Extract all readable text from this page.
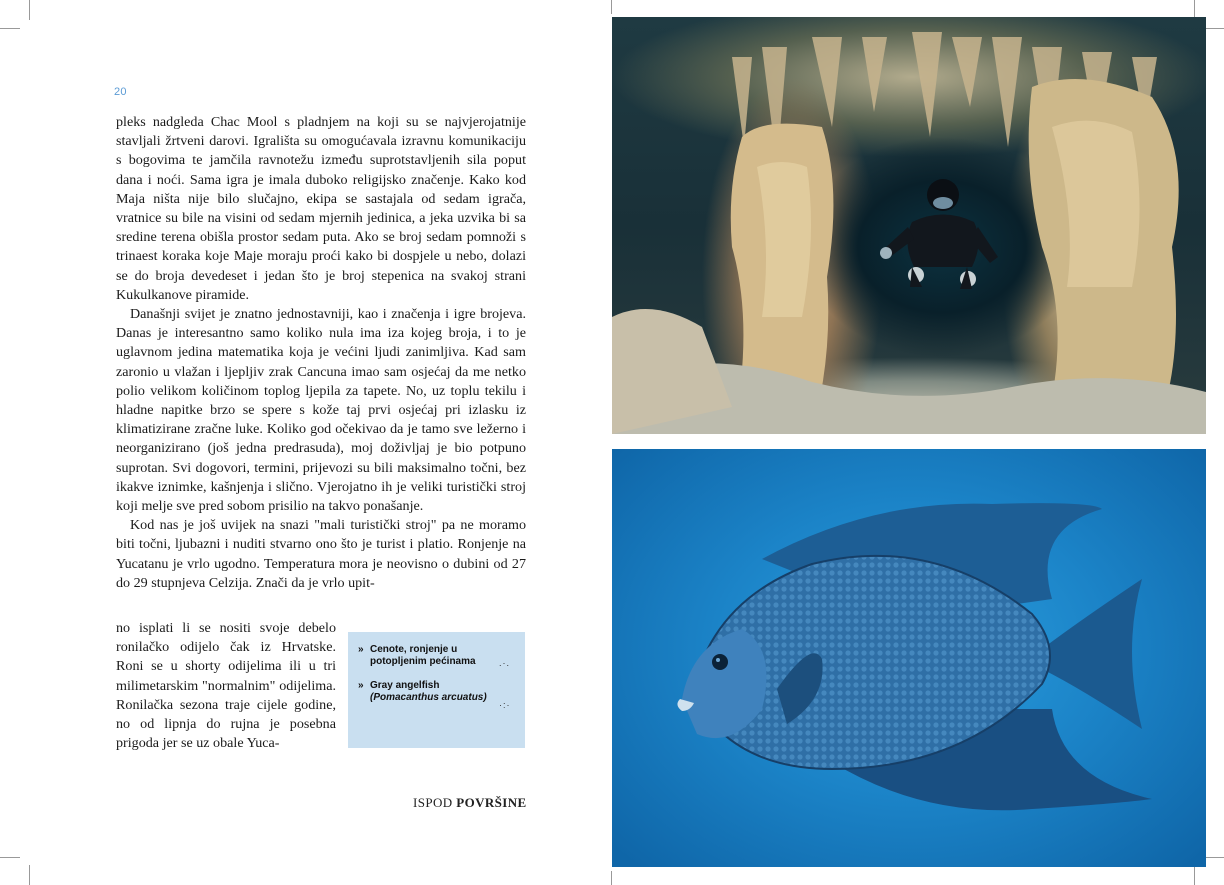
20

pleks nadgleda Chac Mool s pladnjem na koji su se najvjerojatnije stavljali žrtveni darovi. Igrališta su omogućavala izravnu komunikaciju s bogovima te jamčila ravnotežu između suprotstavljenih sila poput dana i noći. Sama igra je imala duboko religijsko značenje. Kako kod Maja ništa nije bilo slučajno, ekipa se sastajala od sedam igrača, vratnice su bile na visini od sedam mjernih jedinica, a jeka uzvika bi sa sredine terena obišla prostor sedam puta. Ako se broj sedam pomnoži s trinaest koraka koje Maje moraju proći kako bi dospjele u nebo, dolazi se do broja devedeset i jedan što je broj stepenica na svakoj strani Kukulkanove piramide.

Današnji svijet je znatno jednostavniji, kao i značenja i igre brojeva. Danas je interesantno samo koliko nula ima iza kojeg broja, i to je uglavnom jedina matematika koja je većini ljudi zanimljiva. Kad sam zaronio u vlažan i ljepljiv zrak Cancuna imao sam osjećaj da me netko polio velikom količinom toplog ljepila za tapete. No, uz toplu tekilu i hladne napitke brzo se spere s kože taj prvi osjećaj pri izlasku iz klimatizirane zračne luke. Koliko god očekivao da je tamo sve ležerno i neorganizirano (još jedna predrasuda), moj doživljaj je bio potpuno suprotan. Svi dogovori, termini, prijevozi su bili maksimalno točni, bez ikakve iznimke, kašnjenja i slično. Vjerojatno ih je veliki turistički stroj koji melje sve pred sobom prisilio na takvo ponašanje.

Kod nas je još uvijek na snazi "mali turistički stroj" pa ne moramo biti točni, ljubazni i nuditi stvarno ono što je turist i platio. Ronjenje na Yucatanu je vrlo ugodno. Temperatura mora je neovisno o dubini od 27 do 29 stupnjeva Celzija. Znači da je vrlo upit-

no isplati li se nositi svoje debelo ronilačko odijelo čak iz Hrvatske. Roni se u shorty odijelima ili u tri milimetarskim "normalnim" odijelima. Ronilačka sezona traje cijele godine, no od lipnja do rujna je posebna prigoda jer se uz obale Yuca-
» Cenote, ronjenje u potopljenim pećinama
» Gray angelfish
(Pomacanthus arcuatus)
.·.
·:·
ISPOD POVRŠINE
